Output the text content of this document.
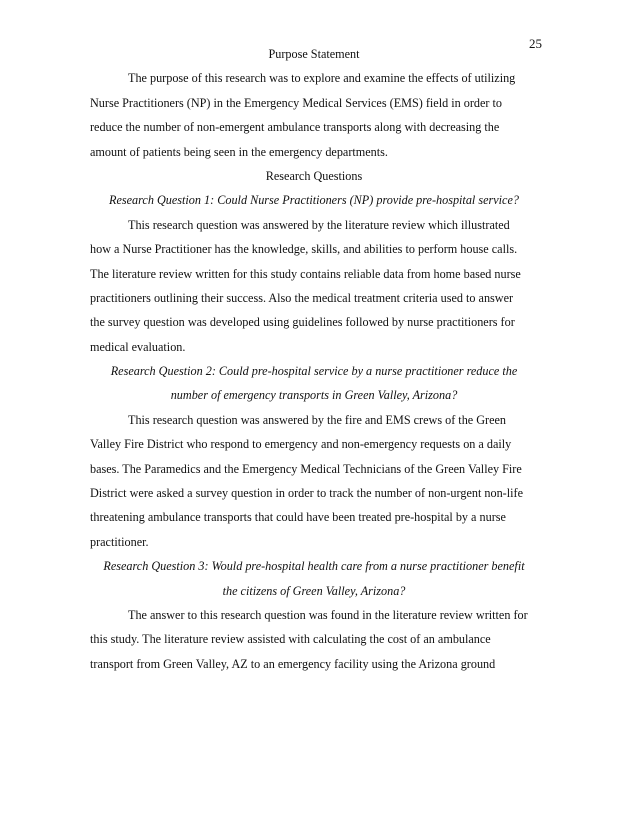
25
Purpose Statement
The purpose of this research was to explore and examine the effects of utilizing
Nurse Practitioners (NP) in the Emergency Medical Services (EMS) field in order to
reduce the number of non-emergent ambulance transports along with decreasing the
amount of patients being seen in the emergency departments.
Research Questions
Research Question 1: Could Nurse Practitioners (NP) provide pre-hospital service?
This research question was answered by the literature review which illustrated
how a Nurse Practitioner has the knowledge, skills, and abilities to perform house calls.
The literature review written for this study contains reliable data from home based nurse
practitioners outlining their success. Also the medical treatment criteria used to answer
the survey question was developed using guidelines followed by nurse practitioners for
medical evaluation.
Research Question 2: Could pre-hospital service by a nurse practitioner reduce the
number of emergency transports in Green Valley, Arizona?
This research question was answered by the fire and EMS crews of the Green
Valley Fire District who respond to emergency and non-emergency requests on a daily
bases. The Paramedics and the Emergency Medical Technicians of the Green Valley Fire
District were asked a survey question in order to track the number of non-urgent non-life
threatening ambulance transports that could have been treated pre-hospital by a nurse
practitioner.
Research Question 3: Would pre-hospital health care from a nurse practitioner benefit
the citizens of Green Valley, Arizona?
The answer to this research question was found in the literature review written for
this study. The literature review assisted with calculating the cost of an ambulance
transport from Green Valley, AZ to an emergency facility using the Arizona ground
